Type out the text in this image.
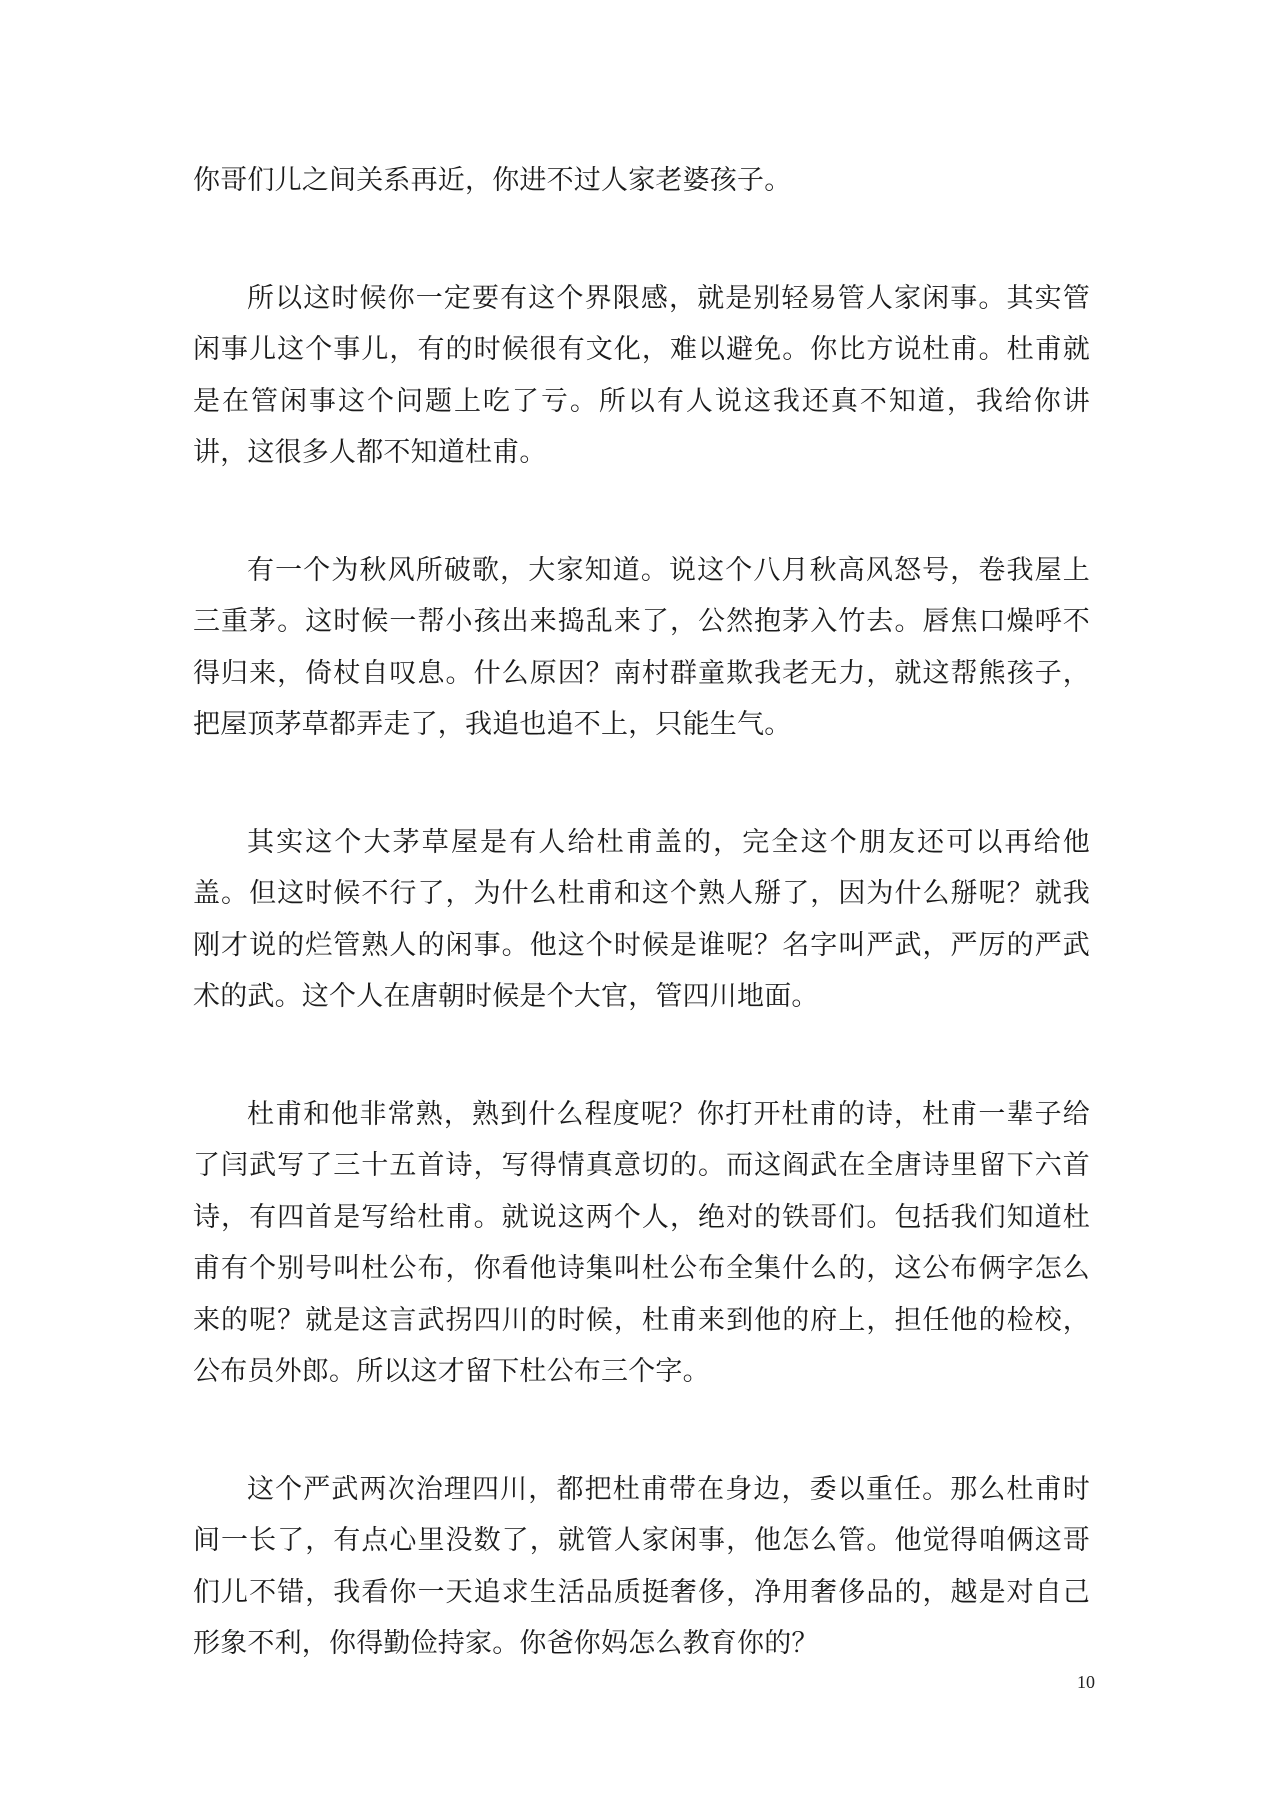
你哥们儿之间关系再近，你进不过人家老婆孩子。

所以这时候你一定要有这个界限感，就是别轻易管人家闲事。其实管闲事儿这个事儿，有的时候很有文化，难以避免。你比方说杜甫。杜甫就是在管闲事这个问题上吃了亏。所以有人说这我还真不知道，我给你讲讲，这很多人都不知道杜甫。

有一个为秋风所破歌，大家知道。说这个八月秋高风怒号，卷我屋上三重茅。这时候一帮小孩出来捣乱来了，公然抱茅入竹去。唇焦口燥呼不得归来，倚杖自叹息。什么原因？南村群童欺我老无力，就这帮熊孩子，把屋顶茅草都弄走了，我追也追不上，只能生气。

其实这个大茅草屋是有人给杜甫盖的，完全这个朋友还可以再给他盖。但这时候不行了，为什么杜甫和这个熟人掰了，因为什么掰呢？就我刚才说的烂管熟人的闲事。他这个时候是谁呢？名字叫严武，严厉的严武术的武。这个人在唐朝时候是个大官，管四川地面。

杜甫和他非常熟，熟到什么程度呢？你打开杜甫的诗，杜甫一辈子给了闫武写了三十五首诗，写得情真意切的。而这阎武在全唐诗里留下六首诗，有四首是写给杜甫。就说这两个人，绝对的铁哥们。包括我们知道杜甫有个别号叫杜公布，你看他诗集叫杜公布全集什么的，这公布俩字怎么来的呢？就是这言武拐四川的时候，杜甫来到他的府上，担任他的检校，公布员外郎。所以这才留下杜公布三个字。

这个严武两次治理四川，都把杜甫带在身边，委以重任。那么杜甫时间一长了，有点心里没数了，就管人家闲事，他怎么管。他觉得咱俩这哥们儿不错，我看你一天追求生活品质挺奢侈，净用奢侈品的，越是对自己形象不利，你得勤俭持家。你爸你妈怎么教育你的？

10
